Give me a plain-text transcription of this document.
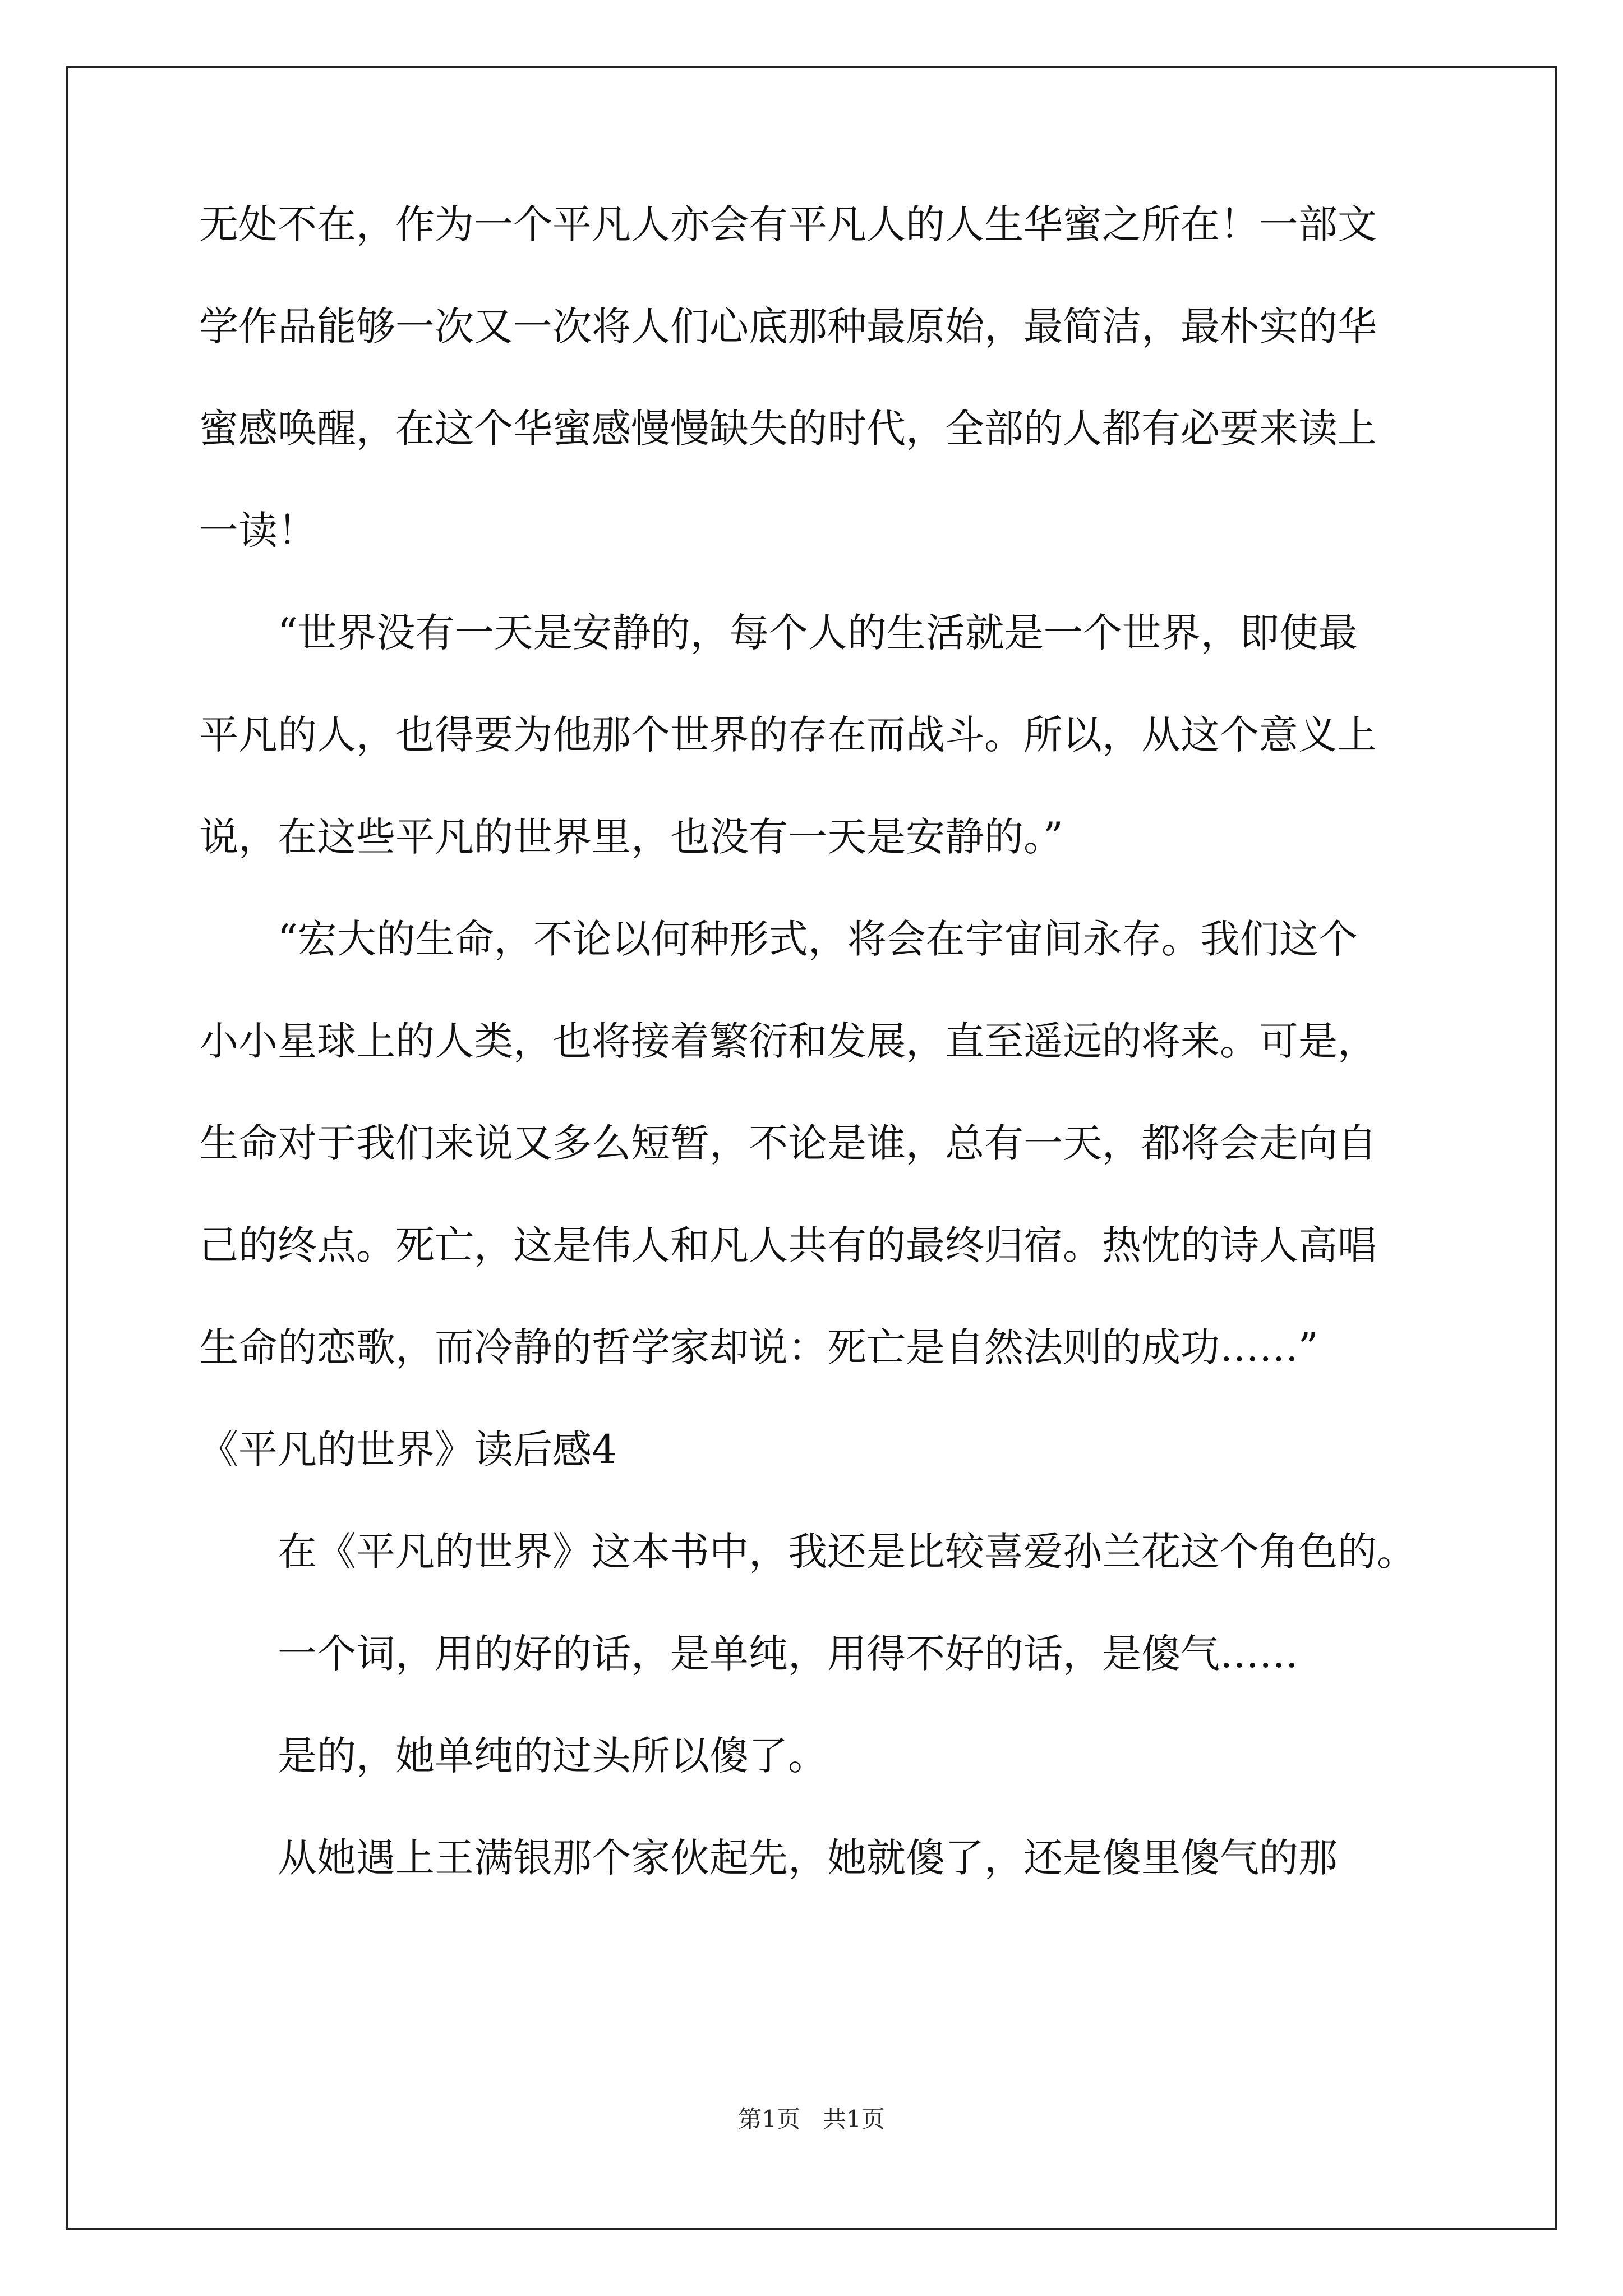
无处不在，作为一个平凡人亦会有平凡人的人生华蜜之所在！一部文
学作品能够一次又一次将人们心底那种最原始，最简洁，最朴实的华
蜜感唤醒，在这个华蜜感慢慢缺失的时代，全部的人都有必要来读上
一读！
“世界没有一天是安静的，每个人的生活就是一个世界，即使最
平凡的人，也得要为他那个世界的存在而战斗。所以，从这个意义上
说，在这些平凡的世界里，也没有一天是安静的。”
“宏大的生命，不论以何种形式，将会在宇宙间永存。我们这个
小小星球上的人类，也将接着繁衍和发展，直至遥远的将来。可是，
生命对于我们来说又多么短暂，不论是谁，总有一天，都将会走向自
己的终点。死亡，这是伟人和凡人共有的最终归宿。热忱的诗人高唱
生命的恋歌，而冷静的哲学家却说：死亡是自然法则的成功……”
《平凡的世界》读后感4
在《平凡的世界》这本书中，我还是比较喜爱孙兰花这个角色的。
一个词，用的好的话，是单纯，用得不好的话，是傻气……
是的，她单纯的过头所以傻了。
从她遇上王满银那个家伙起先，她就傻了，还是傻里傻气的那
第1页   共1页
